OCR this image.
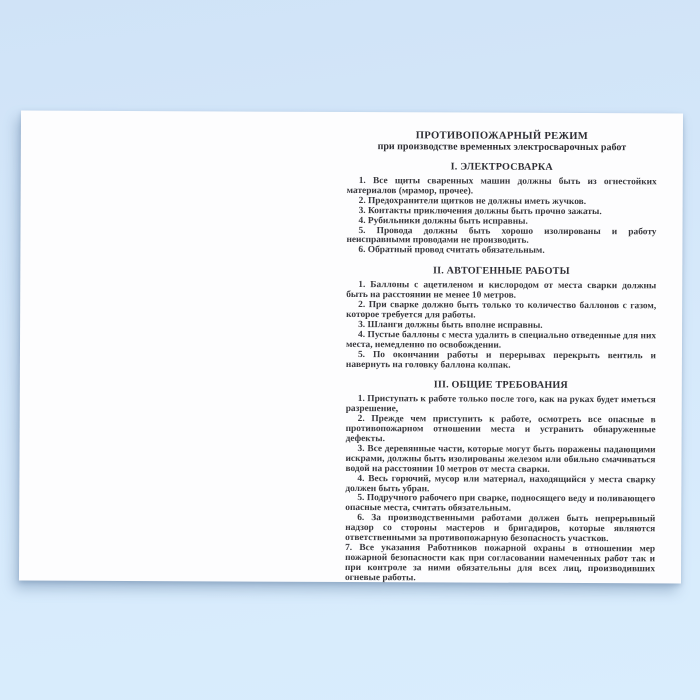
ПРОТИВОПОЖАРНЫЙ РЕЖИМ
при производстве временных электросварочных работ
I. ЭЛЕКТРОСВАРКА

1. Все щиты сваренных машин должны быть из огнестойких материалов (мрамор, прочее).

2. Предохранители щитков не должны иметь жучков.

3. Контакты приключения должны быть прочно зажаты.

4. Рубильники должны быть исправны.

5. Провода должны быть хорошо изолированы и работу неисправными проводами не производить.

6. Обратный провод считать обязательным.

II. АВТОГЕННЫЕ РАБОТЫ

1. Баллоны с ацетиленом и кислородом от места сварки должны быть на расстоянии не менее 10 метров.

2. При сварке должно быть только то количество баллонов с газом, которое требуется для работы.

3. Шланги должны быть вполне исправны.

4. Пустые баллоны с места удалить в специально отведенные для них места, немедленно по освобождении.

5. По окончании работы и перерывах перекрыть вентиль и навернуть на головку баллона колпак.

III. ОБЩИЕ ТРЕБОВАНИЯ

1. Приступать к работе только после того, как на руках будет иметься разрешение,

2. Прежде чем приступить к работе, осмотреть все опасные в противопожарном отношении места и устранить обнаруженные дефекты.

3. Все деревянные части, которые могут быть поражены падающими искрами, должны быть изолированы железом или обильно смачиваться водой на расстоянии 10 метров от места сварки.

4. Весь горючий, мусор или материал, находящийся у места сварку должен быть убран.

5. Подручного рабочего при сварке, подносящего веду и поливающего опасные места, считать обязательным.

6. За производственными работами должен быть непрерывный надзор со стороны мастеров и бригадиров, которые являются ответственными за противопожарную безопасность участков.

7. Все указания Работников пожарной охраны в отношении мер пожарной безопасности как при согласовании намеченных работ так и при контроле за ними обязательны для всех лиц, производивших огневые работы.
